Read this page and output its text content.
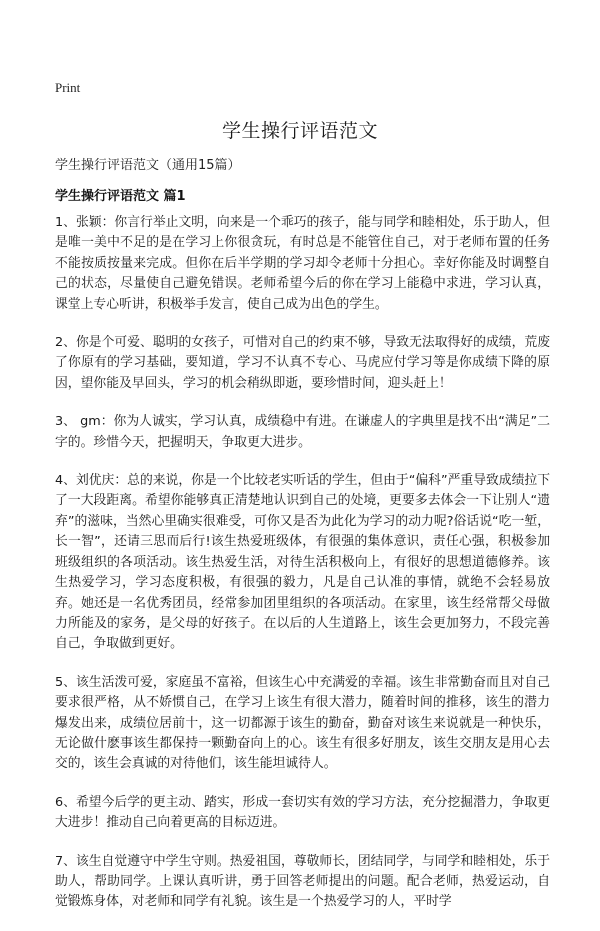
Print
学生操行评语范文
学生操行评语范文（通用15篇）
学生操行评语范文 篇1

1、张颖：你言行举止文明，向来是一个乖巧的孩子，能与同学和睦相处，乐于助人，但是唯一美中不足的是在学习上你很贪玩，有时总是不能管住自己，对于老师布置的任务不能按质按量来完成。但你在后半学期的学习却令老师十分担心。幸好你能及时调整自己的状态，尽量使自己避免错误。老师希望今后的你在学习上能稳中求进，学习认真，课堂上专心听讲，积极举手发言，使自己成为出色的学生。

2、你是个可爱、聪明的女孩子，可惜对自己的约束不够，导致无法取得好的成绩，荒废了你原有的学习基础，要知道，学习不认真不专心、马虎应付学习等是你成绩下降的原因，望你能及早回头，学习的机会稍纵即逝，要珍惜时间，迎头赶上！

3、 gm：你为人诚实，学习认真，成绩稳中有进。在谦虚人的字典里是找不出“满足”二字的。珍惜今天，把握明天，争取更大进步。

4、刘优庆：总的来说，你是一个比较老实听话的学生，但由于“偏科”严重导致成绩拉下了一大段距离。希望你能够真正清楚地认识到自己的处境，更要多去体会一下让别人“遗弃”的滋味，当然心里确实很难受，可你又是否为此化为学习的动力呢?俗话说“吃一堑，长一智”，还请三思而后行!该生热爱班级体，有很强的集体意识，责任心强，积极参加班级组织的各项活动。该生热爱生活，对待生活积极向上，有很好的思想道德修养。该生热爱学习，学习态度积极，有很强的毅力，凡是自己认准的事情，就绝不会轻易放弃。她还是一名优秀团员，经常参加团里组织的各项活动。在家里，该生经常帮父母做力所能及的家务，是父母的好孩子。在以后的人生道路上，该生会更加努力，不段完善自己，争取做到更好。

5、该生活泼可爱，家庭虽不富裕，但该生心中充满爱的幸福。该生非常勤奋而且对自己要求很严格，从不娇惯自己，在学习上该生有很大潜力，随着时间的推移，该生的潜力爆发出来，成绩位居前十，这一切都源于该生的勤奋，勤奋对该生来说就是一种快乐，无论做什麽事该生都保持一颗勤奋向上的心。该生有很多好朋友，该生交朋友是用心去交的，该生会真诚的对待他们，该生能坦诚待人。

6、希望今后学的更主动、踏实，形成一套切实有效的学习方法，充分挖掘潜力，争取更大进步！推动自己向着更高的目标迈进。

7、该生自觉遵守中学生守则。热爱祖国，尊敬师长，团结同学，与同学和睦相处，乐于助人，帮助同学。上课认真听讲，勇于回答老师提出的问题。配合老师，热爱运动，自觉锻炼身体，对老师和同学有礼貌。该生是一个热爱学习的人，平时学
